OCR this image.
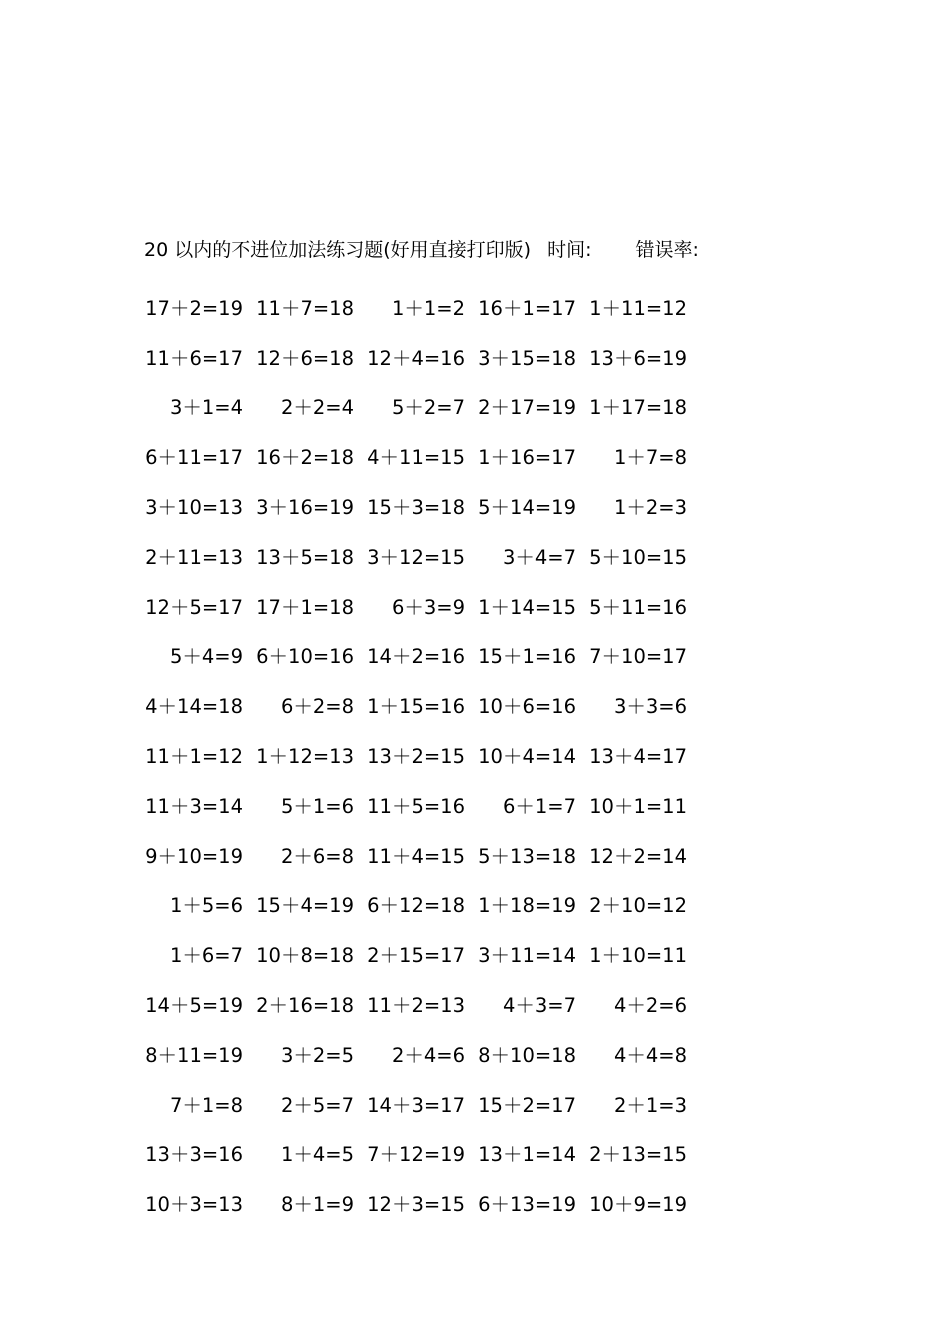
20 以内的不进位加法练习题(好用直接打印版) 时间: 错误率:
17＋2=19 11＋7=18	1＋1=2 16＋1=17 1＋11=12
11＋6=17 12＋6=18 12＋4=16 3＋15=18 13＋6=19
3＋1=4	2＋2=4	5＋2=7 2＋17=19 1＋17=18
6＋11=17 16＋2=18 4＋11=15 1＋16=17	1＋7=8
3＋10=13 3＋16=19 15＋3=18 5＋14=19	1＋2=3
2＋11=13 13＋5=18 3＋12=15	3＋4=7 5＋10=15
12＋5=17 17＋1=18	6＋3=9 1＋14=15 5＋11=16
5＋4=9 6＋10=16 14＋2=16 15＋1=16 7＋10=17
4＋14=18	6＋2=8 1＋15=16 10＋6=16	3＋3=6
11＋1=12 1＋12=13 13＋2=15 10＋4=14 13＋4=17
11＋3=14	5＋1=6 11＋5=16	6＋1=7 10＋1=11
9＋10=19	2＋6=8 11＋4=15 5＋13=18 12＋2=14
1＋5=6 15＋4=19 6＋12=18 1＋18=19 2＋10=12
1＋6=7 10＋8=18 2＋15=17 3＋11=14 1＋10=11
14＋5=19 2＋16=18 11＋2=13	4＋3=7	4＋2=6
8＋11=19	3＋2=5	2＋4=6 8＋10=18	4＋4=8
7＋1=8	2＋5=7 14＋3=17 15＋2=17	2＋1=3
13＋3=16	1＋4=5 7＋12=19 13＋1=14 2＋13=15
10＋3=13	8＋1=9 12＋3=15 6＋13=19 10＋9=19
